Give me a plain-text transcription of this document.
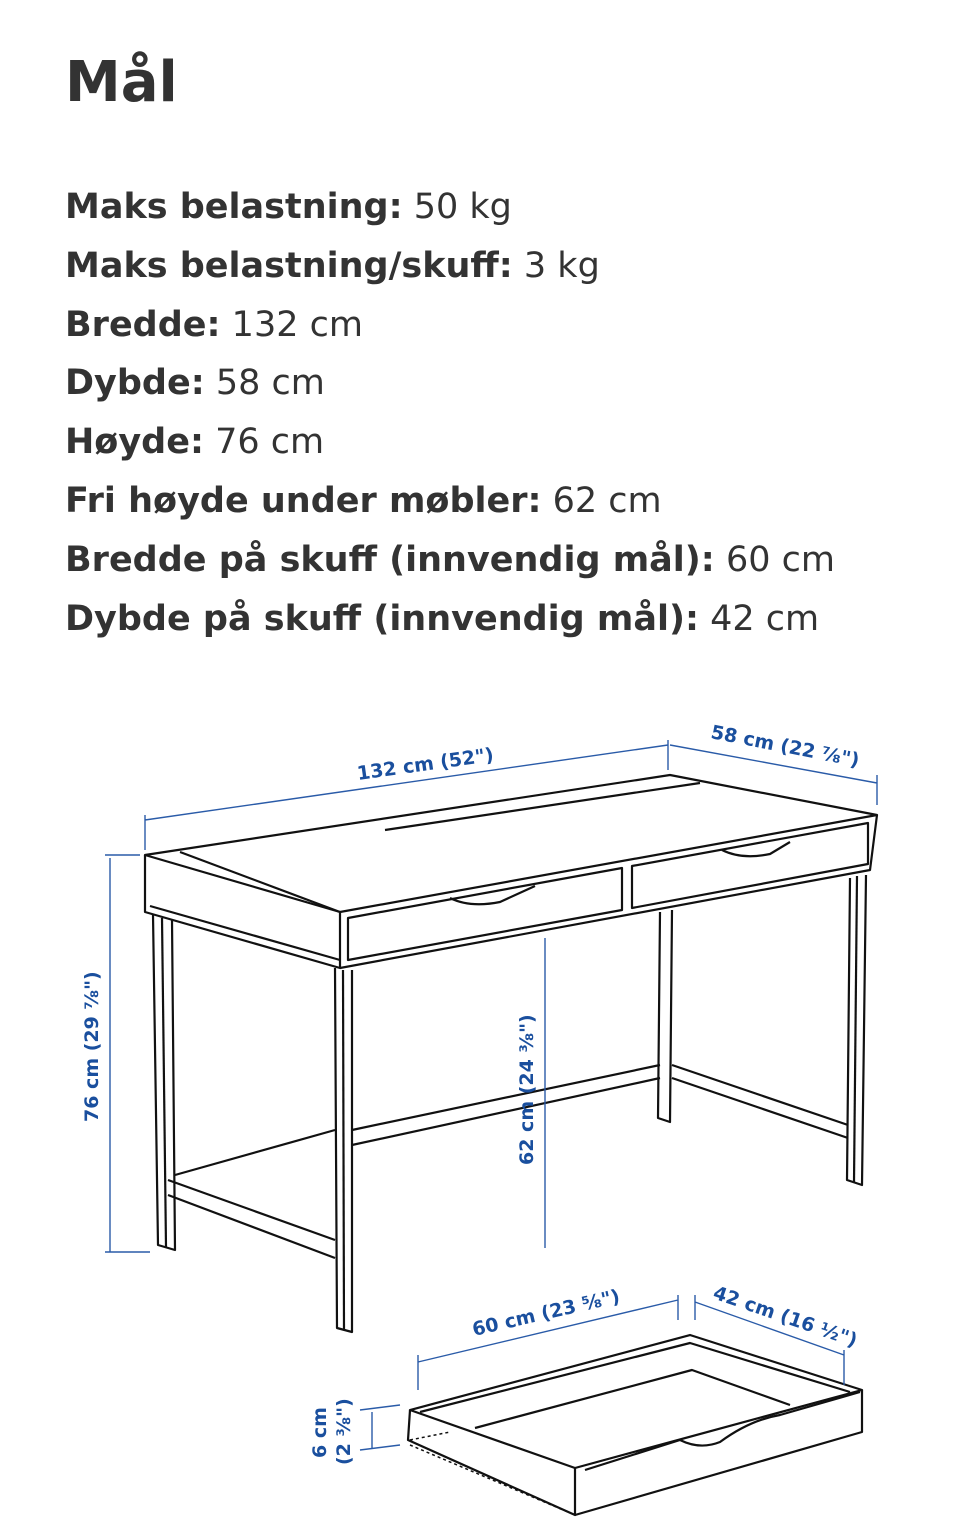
Mål
Maks belastning: 50 kg
Maks belastning/skuff: 3 kg
Bredde: 132 cm
Dybde: 58 cm
Høyde: 76 cm
Fri høyde under møbler: 62 cm
Bredde på skuff (innvendig mål): 60 cm
Dybde på skuff (innvendig mål): 42 cm
132 cm (52")	58 cm (22 ⅞")
76 cm (29 ⅞")	62 cm (24 ⅜")
60 cm (23 ⅝")	42 cm (16 ½")
6 cm (2 ⅜")
